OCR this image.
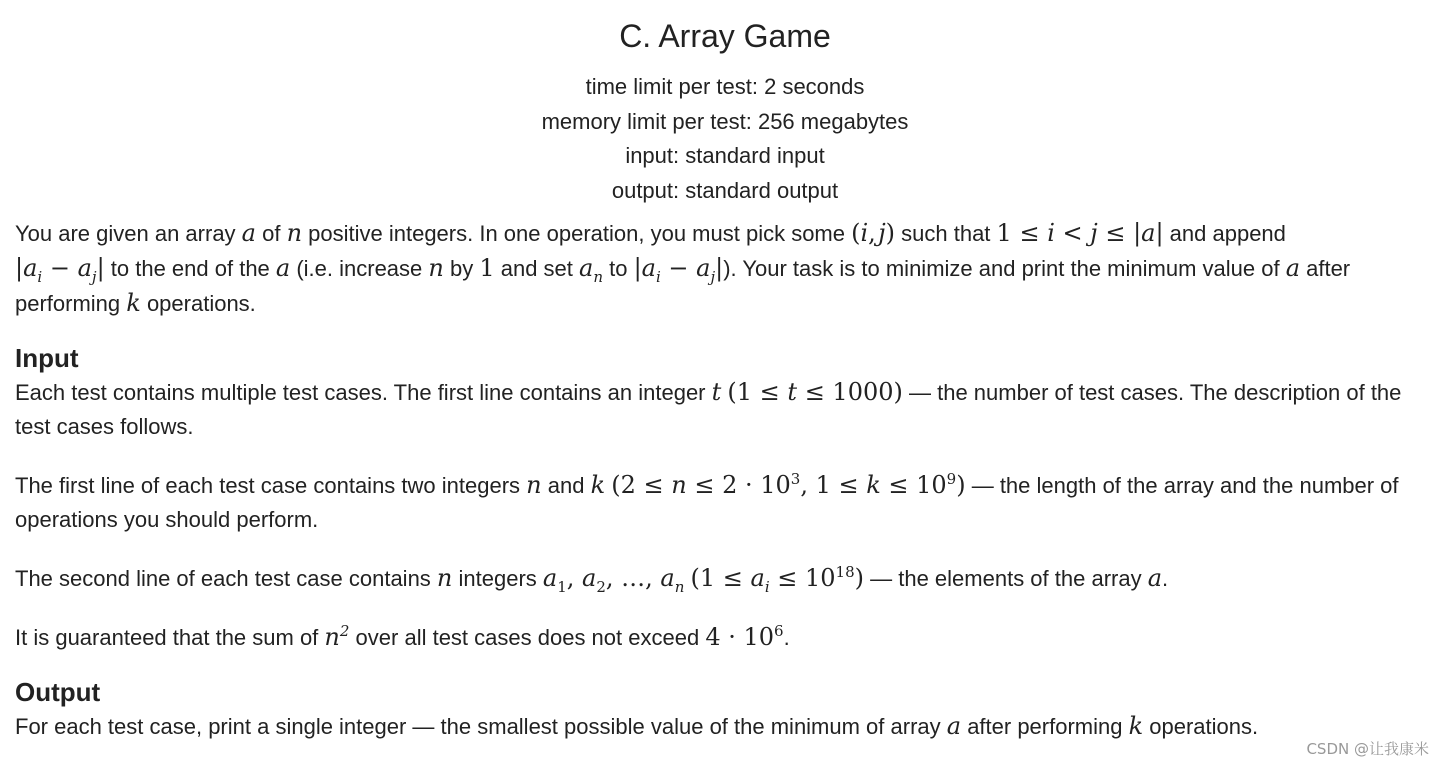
C. Array Game
time limit per test: 2 seconds
memory limit per test: 256 megabytes
input: standard input
output: standard output

You are given an array a of n positive integers. In one operation, you must pick some (i, j) such that 1 ≤ i < j ≤ |a| and append
$|a_i - a_j|$ to the end of the a (i.e. increase n by 1 and set $a_n$ to $|a_i - a_j|$). Your task is to minimize and print the minimum value of a after performing k operations.

Input

Each test contains multiple test cases. The first line contains an integer t (1 ≤ t ≤ 1000) — the number of test cases. The description of the test cases follows.

The first line of each test case contains two integers n and k ($2 \le n \le 2 \cdot 10^3$, $1 \le k \le 10^9$) — the length of the array and the number of operations you should perform.

The second line of each test case contains n integers $a_1$, $a_2$, …, $a_n$ $(1 \le a_i \le 10^{18})$ — the elements of the array a.

It is guaranteed that the sum of $n^2$ over all test cases does not exceed $4 \cdot 10^6$.

Output

For each test case, print a single integer — the smallest possible value of the minimum of array a after performing k operations.

CSDN @让我康米
